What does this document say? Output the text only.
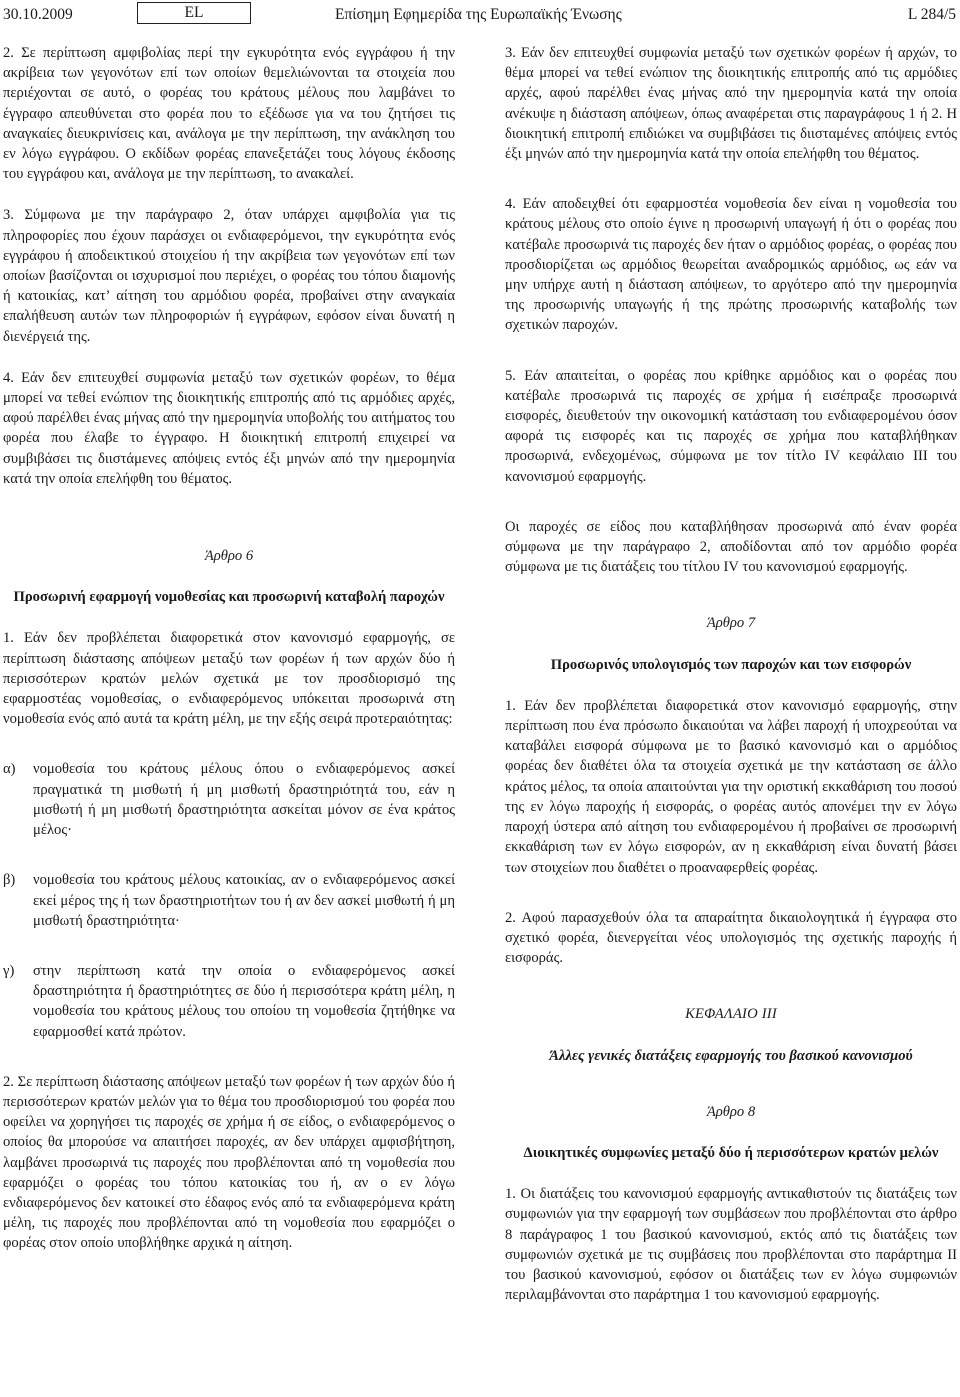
30.10.2009	EL	Επίσημη Εφημερίδα της Ευρωπαϊκής Ένωσης	L 284/5

2. Σε περίπτωση αμφιβολίας περί την εγκυρότητα ενός εγγράφου ή την ακρίβεια των γεγονότων επί των οποίων θεμελιώνονται τα στοιχεία που περιέχονται σε αυτό, ο φορέας του κράτους μέλους που λαμβάνει το έγγραφο απευθύνεται στο φορέα που το εξέδωσε για να του ζητήσει τις αναγκαίες διευκρινίσεις και, ανάλογα με την περίπτωση, την ανάκληση του εν λόγω εγγράφου. Ο εκδίδων φορέας επανεξετάζει τους λόγους έκδοσης του εγγράφου και, ανάλογα με την περίπτωση, το ανακαλεί.

3. Σύμφωνα με την παράγραφο 2, όταν υπάρχει αμφιβολία για τις πληροφορίες που έχουν παράσχει οι ενδιαφερόμενοι, την εγκυρότητα ενός εγγράφου ή αποδεικτικού στοιχείου ή την ακρίβεια των γεγονότων επί των οποίων βασίζονται οι ισχυρισμοί που περιέχει, ο φορέας του τόπου διαμονής ή κατοικίας, κατ’ αίτηση του αρμόδιου φορέα, προβαίνει στην αναγκαία επαλήθευση αυτών των πληροφοριών ή εγγράφων, εφόσον είναι δυνατή η διενέργειά της.

4. Εάν δεν επιτευχθεί συμφωνία μεταξύ των σχετικών φορέων, το θέμα μπορεί να τεθεί ενώπιον της διοικητικής επιτροπής από τις αρμόδιες αρχές, αφού παρέλθει ένας μήνας από την ημερομηνία υποβολής του αιτήματος του φορέα που έλαβε το έγγραφο. Η διοικητική επιτροπή επιχειρεί να συμβιβάσει τις διιστάμενες απόψεις εντός έξι μηνών από την ημερομηνία κατά την οποία επελήφθη του θέματος.

Άρθρο 6

Προσωρινή εφαρμογή νομοθεσίας και προσωρινή καταβολή παροχών

1. Εάν δεν προβλέπεται διαφορετικά στον κανονισμό εφαρμογής, σε περίπτωση διάστασης απόψεων μεταξύ των φορέων ή των αρχών δύο ή περισσότερων κρατών μελών σχετικά με τον προσδιορισμό της εφαρμοστέας νομοθεσίας, ο ενδιαφερόμενος υπόκειται προσωρινά στη νομοθεσία ενός από αυτά τα κράτη μέλη, με την εξής σειρά προτεραιότητας:

α)	νομοθεσία του κράτους μέλους όπου ο ενδιαφερόμενος ασκεί πραγματικά τη μισθωτή ή μη μισθωτή δραστηριότητά του, εάν η μισθωτή ή μη μισθωτή δραστηριότητα ασκείται μόνον σε ένα κράτος μέλος·
β)	νομοθεσία του κράτους μέλους κατοικίας, αν ο ενδιαφερόμενος ασκεί εκεί μέρος της ή των δραστηριοτήτων του ή αν δεν ασκεί μισθωτή ή μη μισθωτή δραστηριότητα·
γ)	στην περίπτωση κατά την οποία ο ενδιαφερόμενος ασκεί δραστηριότητα ή δραστηριότητες σε δύο ή περισσότερα κράτη μέλη, η νομοθεσία του κράτους μέλους του οποίου τη νομοθεσία ζητήθηκε να εφαρμοσθεί κατά πρώτον.

2. Σε περίπτωση διάστασης απόψεων μεταξύ των φορέων ή των αρχών δύο ή περισσότερων κρατών μελών για το θέμα του προσδιορισμού του φορέα που οφείλει να χορηγήσει τις παροχές σε χρήμα ή σε είδος, ο ενδιαφερόμενος ο οποίος θα μπορούσε να απαιτήσει παροχές, αν δεν υπάρχει αμφισβήτηση, λαμβάνει προσωρινά τις παροχές που προβλέπονται από τη νομοθεσία που εφαρμόζει ο φορέας του τόπου κατοικίας του ή, αν ο εν λόγω ενδιαφερόμενος δεν κατοικεί στο έδαφος ενός από τα ενδιαφερόμενα κράτη μέλη, τις παροχές που προβλέπονται από τη νομοθεσία που εφαρμόζει ο φορέας στον οποίο υποβλήθηκε αρχικά η αίτηση.

3. Εάν δεν επιτευχθεί συμφωνία μεταξύ των σχετικών φορέων ή αρχών, το θέμα μπορεί να τεθεί ενώπιον της διοικητικής επιτροπής από τις αρμόδιες αρχές, αφού παρέλθει ένας μήνας από την ημερομηνία κατά την οποία ανέκυψε η διάσταση απόψεων, όπως αναφέρεται στις παραγράφους 1 ή 2. Η διοικητική επιτροπή επιδιώκει να συμβιβάσει τις διισταμένες απόψεις εντός έξι μηνών από την ημερομηνία κατά την οποία επελήφθη του θέματος.

4. Εάν αποδειχθεί ότι εφαρμοστέα νομοθεσία δεν είναι η νομοθεσία του κράτους μέλους στο οποίο έγινε η προσωρινή υπαγωγή ή ότι ο φορέας που κατέβαλε προσωρινά τις παροχές δεν ήταν ο αρμόδιος φορέας, ο φορέας που προσδιορίζεται ως αρμόδιος θεωρείται αναδρομικώς αρμόδιος, ως εάν να μην υπήρχε αυτή η διάσταση απόψεων, το αργότερο από την ημερομηνία της προσωρινής υπαγωγής ή της πρώτης προσωρινής καταβολής των σχετικών παροχών.

5. Εάν απαιτείται, ο φορέας που κρίθηκε αρμόδιος και ο φορέας που κατέβαλε προσωρινά τις παροχές σε χρήμα ή εισέπραξε προσωρινά εισφορές, διευθετούν την οικονομική κατάσταση του ενδιαφερομένου όσον αφορά τις εισφορές και τις παροχές σε χρήμα που καταβλήθηκαν προσωρινά, ενδεχομένως, σύμφωνα με τον τίτλο IV κεφάλαιο III του κανονισμού εφαρμογής.

Οι παροχές σε είδος που καταβλήθησαν προσωρινά από έναν φορέα σύμφωνα με την παράγραφο 2, αποδίδονται από τον αρμόδιο φορέα σύμφωνα με τις διατάξεις του τίτλου IV του κανονισμού εφαρμογής.

Άρθρο 7

Προσωρινός υπολογισμός των παροχών και των εισφορών

1. Εάν δεν προβλέπεται διαφορετικά στον κανονισμό εφαρμογής, στην περίπτωση που ένα πρόσωπο δικαιούται να λάβει παροχή ή υποχρεούται να καταβάλει εισφορά σύμφωνα με το βασικό κανονισμό και ο αρμόδιος φορέας δεν διαθέτει όλα τα στοιχεία σχετικά με την κατάσταση σε άλλο κράτος μέλος, τα οποία απαιτούνται για την οριστική εκκαθάριση του ποσού της εν λόγω παροχής ή εισφοράς, ο φορέας αυτός απονέμει την εν λόγω παροχή ύστερα από αίτηση του ενδιαφερομένου ή προβαίνει σε προσωρινή εκκαθάριση των εν λόγω εισφορών, αν η εκκαθάριση είναι δυνατή βάσει των στοιχείων που διαθέτει ο προαναφερθείς φορέας.

2. Αφού παρασχεθούν όλα τα απαραίτητα δικαιολογητικά ή έγγραφα στο σχετικό φορέα, διενεργείται νέος υπολογισμός της σχετικής παροχής ή εισφοράς.

ΚΕΦΑΛΑΙΟ III

Άλλες γενικές διατάξεις εφαρμογής του βασικού κανονισμού

Άρθρο 8

Διοικητικές συμφωνίες μεταξύ δύο ή περισσότερων κρατών μελών

1. Οι διατάξεις του κανονισμού εφαρμογής αντικαθιστούν τις διατάξεις των συμφωνιών για την εφαρμογή των συμβάσεων που προβλέπονται στο άρθρο 8 παράγραφος 1 του βασικού κανονισμού, εκτός από τις διατάξεις των συμφωνιών σχετικά με τις συμβάσεις που προβλέπονται στο παράρτημα II του βασικού κανονισμού, εφόσον οι διατάξεις των εν λόγω συμφωνιών περιλαμβάνονται στο παράρτημα 1 του κανονισμού εφαρμογής.
